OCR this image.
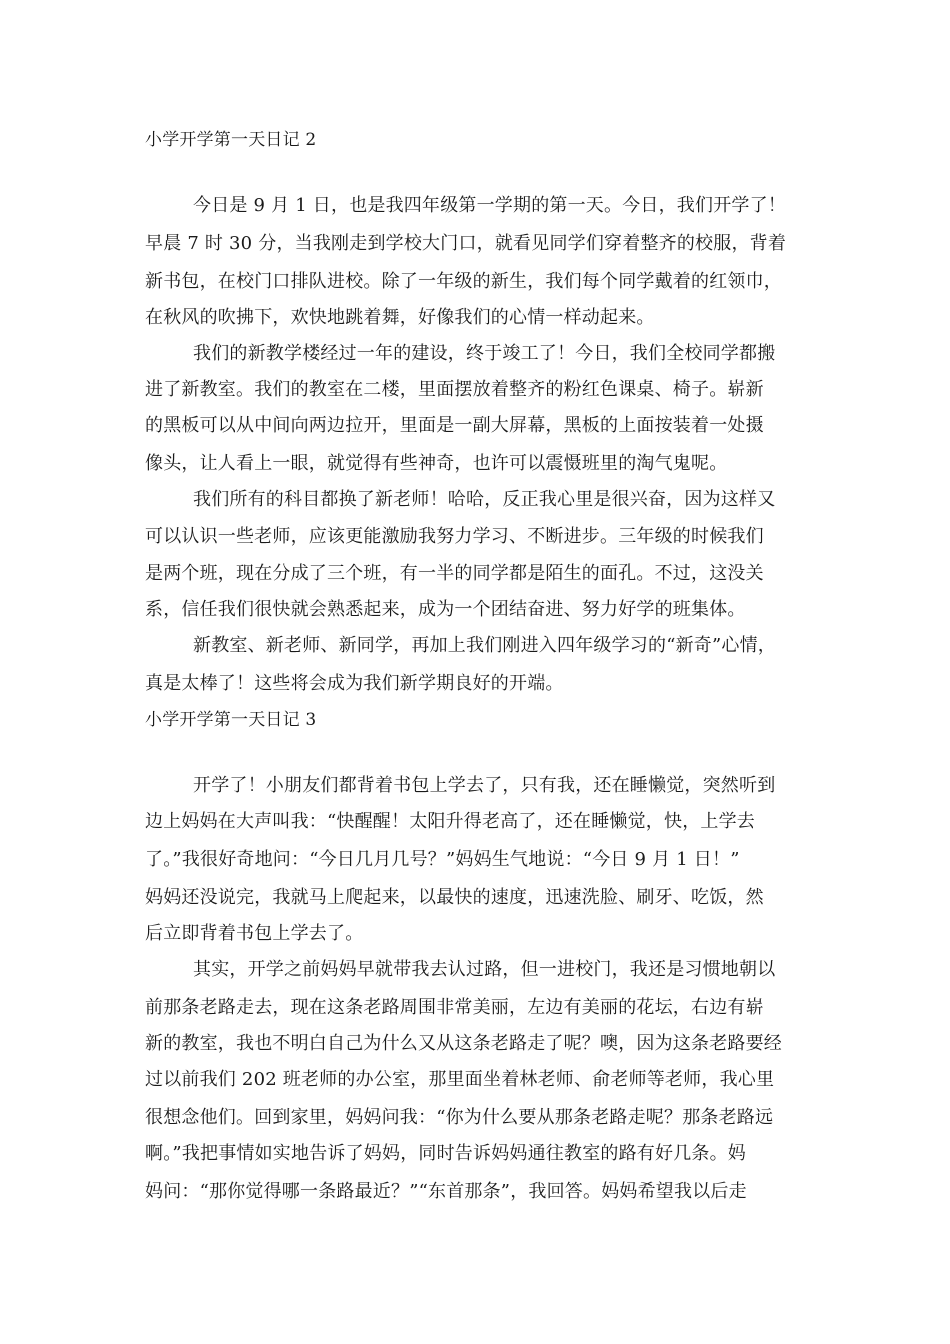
小学开学第一天日记 2
今日是 9 月 1 日，也是我四年级第一学期的第一天。今日，我们开学了！
早晨 7 时 30 分，当我刚走到学校大门口，就看见同学们穿着整齐的校服，背着
新书包，在校门口排队进校。除了一年级的新生，我们每个同学戴着的红领巾，
在秋风的吹拂下，欢快地跳着舞，好像我们的心情一样动起来。
我们的新教学楼经过一年的建设，终于竣工了！今日，我们全校同学都搬
进了新教室。我们的教室在二楼，里面摆放着整齐的粉红色课桌、椅子。崭新
的黑板可以从中间向两边拉开，里面是一副大屏幕，黑板的上面按装着一处摄
像头，让人看上一眼，就觉得有些神奇，也许可以震慑班里的淘气鬼呢。
我们所有的科目都换了新老师！哈哈，反正我心里是很兴奋，因为这样又
可以认识一些老师，应该更能激励我努力学习、不断进步。三年级的时候我们
是两个班，现在分成了三个班，有一半的同学都是陌生的面孔。不过，这没关
系，信任我们很快就会熟悉起来，成为一个团结奋进、努力好学的班集体。
新教室、新老师、新同学，再加上我们刚进入四年级学习的“新奇”心情，
真是太棒了！这些将会成为我们新学期良好的开端。
小学开学第一天日记 3
开学了！小朋友们都背着书包上学去了，只有我，还在睡懒觉，突然听到
边上妈妈在大声叫我：“快醒醒！太阳升得老高了，还在睡懒觉，快，上学去
了。”我很好奇地问：“今日几月几号？”妈妈生气地说：“今日 9 月 1 日！”
妈妈还没说完，我就马上爬起来，以最快的速度，迅速洗脸、刷牙、吃饭，然
后立即背着书包上学去了。
其实，开学之前妈妈早就带我去认过路，但一进校门，我还是习惯地朝以
前那条老路走去，现在这条老路周围非常美丽，左边有美丽的花坛，右边有崭
新的教室，我也不明白自己为什么又从这条老路走了呢？噢，因为这条老路要经
过以前我们 202 班老师的办公室，那里面坐着林老师、俞老师等老师，我心里
很想念他们。回到家里，妈妈问我：“你为什么要从那条老路走呢？那条老路远
啊。”我把事情如实地告诉了妈妈，同时告诉妈妈通往教室的路有好几条。妈
妈问：“那你觉得哪一条路最近？”“东首那条”，我回答。妈妈希望我以后走
